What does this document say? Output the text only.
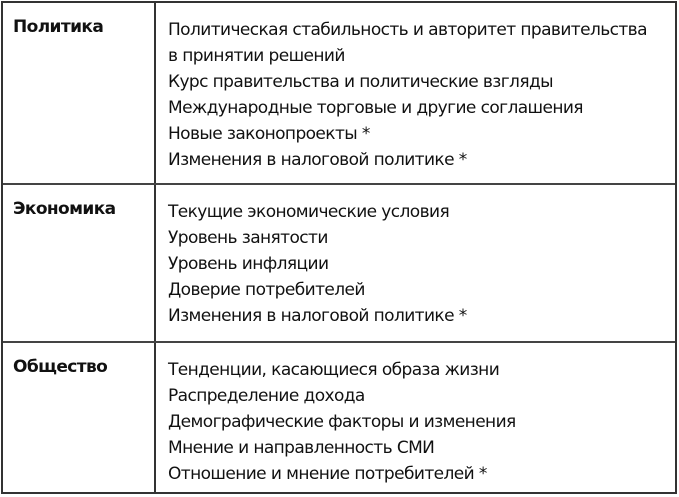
Политика	Политическая стабильность и авторитет правительства
в принятии решений
Курс правительства и политические взгляды
Международные торговые и другие соглашения
Новые законопроекты *
Изменения в налоговой политике *
Экономика	Текущие экономические условия
Уровень занятости
Уровень инфляции
Доверие потребителей
Изменения в налоговой политике *
Общество	Тенденции, касающиеся образа жизни
Распределение дохода
Демографические факторы и изменения
Мнение и направленность СМИ
Отношение и мнение потребителей *
